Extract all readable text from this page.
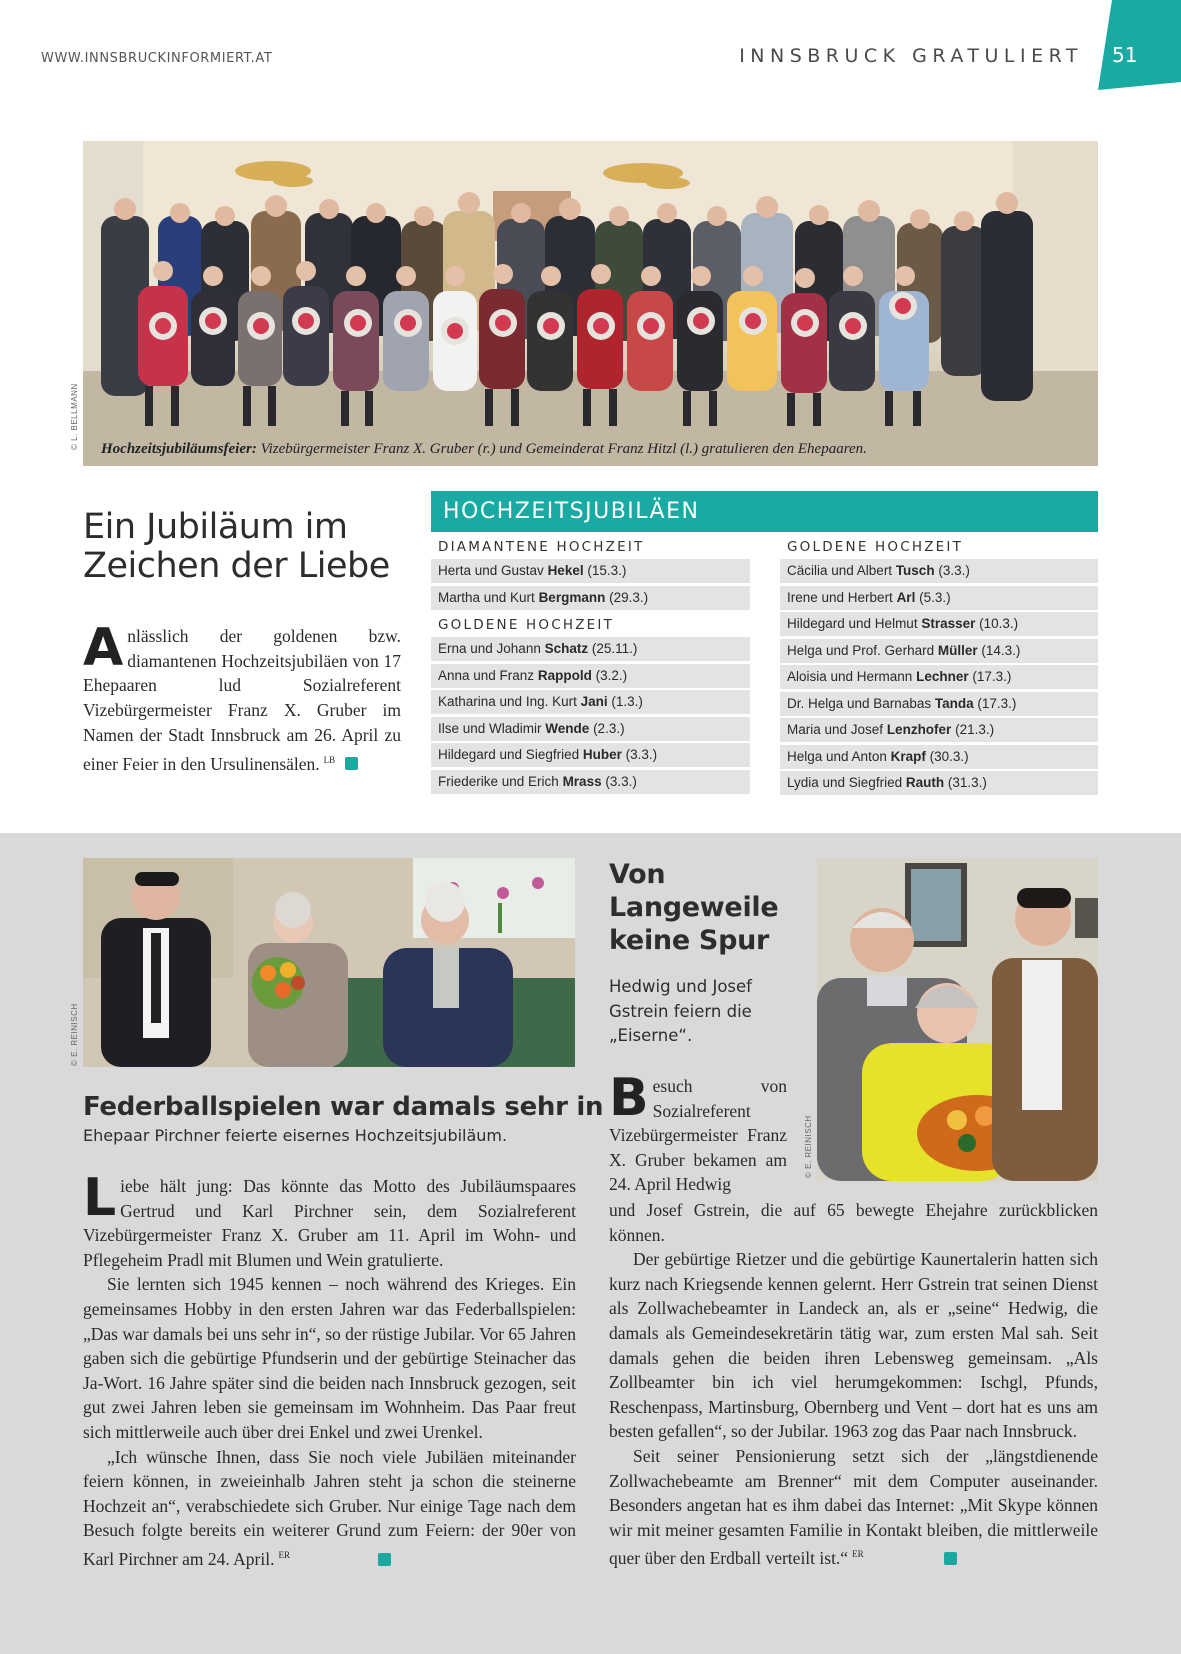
WWW.INNSBRUCKINFORMIERT.AT	INNSBRUCK GRATULIERT 51
Hochzeitsjubiläumsfeier: Vizebürgermeister Franz X. Gruber (r.) und Gemeinderat Franz Hitzl (l.) gratulieren den Ehepaaren.
© L. BELLMANN
Ein Jubiläum im Zeichen der Liebe
Anlässlich der goldenen bzw. diamantenen Hochzeitsjubiläen von 17 Ehepaaren lud Sozialreferent Vizebürgermeister Franz X. Gruber im Namen der Stadt Innsbruck am 26. April zu einer Feier in den Ursulinensälen. $^{LB}$
HOCHZEITSJUBILÄEN
DIAMANTENE HOCHZEIT
Herta und Gustav Hekel (15.3.)
Martha und Kurt Bergmann (29.3.)
GOLDENE HOCHZEIT
Erna und Johann Schatz (25.11.)
Anna und Franz Rappold (3.2.)
Katharina und Ing. Kurt Jani (1.3.)
Ilse und Wladimir Wende (2.3.)
Hildegard und Siegfried Huber (3.3.)
Friederike und Erich Mrass (3.3.)
GOLDENE HOCHZEIT
Cäcilia und Albert Tusch (3.3.)
Irene und Herbert Arl (5.3.)
Hildegard und Helmut Strasser (10.3.)
Helga und Prof. Gerhard Müller (14.3.)
Aloisia und Hermann Lechner (17.3.)
Dr. Helga und Barnabas Tanda (17.3.)
Maria und Josef Lenzhofer (21.3.)
Helga und Anton Krapf (30.3.)
Lydia und Siegfried Rauth (31.3.)
© E. REINISCH
© E. REINISCH
Federballspielen war damals sehr in
Ehepaar Pirchner feierte eisernes Hochzeitsjubiläum.

Liebe hält jung: Das könnte das Motto des Jubiläumspaares Gertrud und Karl Pirchner sein, dem Sozialreferent Vizebürgermeister Franz X. Gruber am 11. April im Wohn- und Pflegeheim Pradl mit Blumen und Wein gratulierte.

Sie lernten sich 1945 kennen – noch während des Krieges. Ein gemeinsames Hobby in den ersten Jahren war das Federballspielen: „Das war damals bei uns sehr in“, so der rüstige Jubilar. Vor 65 Jahren gaben sich die gebürtige Pfundserin und der gebürtige Steinacher das Ja-Wort. 16 Jahre später sind die beiden nach Innsbruck gezogen, seit gut zwei Jahren leben sie gemeinsam im Wohnheim. Das Paar freut sich mittlerweile auch über drei Enkel und zwei Urenkel.

„Ich wünsche Ihnen, dass Sie noch viele Jubiläen miteinander feiern können, in zweieinhalb Jahren steht ja schon die steinerne Hochzeit an“, verabschiedete sich Gruber. Nur einige Tage nach dem Besuch folgte bereits ein weiterer Grund zum Feiern: der 90er von Karl Pirchner am 24. April. $^{ER}$

Von Langeweile keine Spur
Hedwig und Josef Gstrein feiern die „Eiserne“.
Besuch von Sozialreferent Vizebürgermeister Franz X. Gruber bekamen am 24. April Hedwig

und Josef Gstrein, die auf 65 bewegte Ehejahre zurückblicken können.

Der gebürtige Rietzer und die gebürtige Kaunertalerin hatten sich kurz nach Kriegsende kennen gelernt. Herr Gstrein trat seinen Dienst als Zollwachebeamter in Landeck an, als er „seine“ Hedwig, die damals als Gemeindesekretärin tätig war, zum ersten Mal sah. Seit damals gehen die beiden ihren Lebensweg gemeinsam. „Als Zollbeamter bin ich viel herumgekommen: Ischgl, Pfunds, Reschenpass, Martinsburg, Obernberg und Vent – dort hat es uns am besten gefallen“, so der Jubilar. 1963 zog das Paar nach Innsbruck.

Seit seiner Pensionierung setzt sich der „längstdienende Zollwachebeamte am Brenner“ mit dem Computer auseinander. Besonders angetan hat es ihm dabei das Internet: „Mit Skype können wir mit meiner gesamten Familie in Kontakt bleiben, die mittlerweile quer über den Erdball verteilt ist.“ $^{ER}$
